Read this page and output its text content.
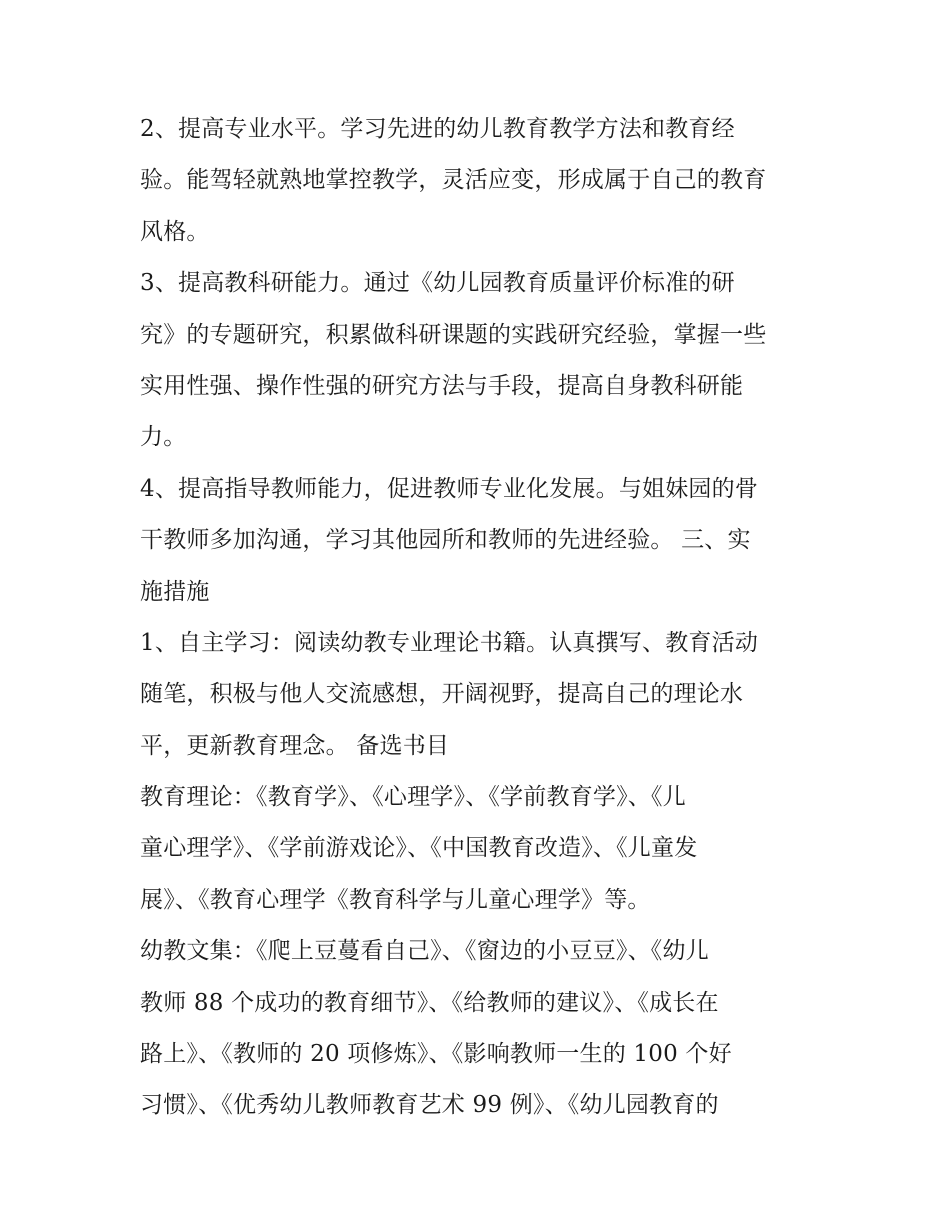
2、提高专业水平。学习先进的幼儿教育教学方法和教育经
验。能驾轻就熟地掌控教学，灵活应变，形成属于自己的教育
风格。
3、提高教科研能力。通过《幼儿园教育质量评价标准的研
究》的专题研究，积累做科研课题的实践研究经验，掌握一些
实用性强、操作性强的研究方法与手段，提高自身教科研能
力。
4、提高指导教师能力，促进教师专业化发展。与姐妹园的骨
干教师多加沟通，学习其他园所和教师的先进经验。 三、实
施措施
1、自主学习：阅读幼教专业理论书籍。认真撰写、教育活动
随笔，积极与他人交流感想，开阔视野，提高自己的理论水
平，更新教育理念。 备选书目
教育理论：《教育学》、《心理学》、《学前教育学》、《儿
童心理学》、《学前游戏论》、《中国教育改造》、《儿童发
展》、《教育心理学《教育科学与儿童心理学》等。
幼教文集：《爬上豆蔓看自己》、《窗边的小豆豆》、《幼儿
教师 88 个成功的教育细节》、《给教师的建议》、《成长在
路上》、《教师的 20 项修炼》、《影响教师一生的 100 个好
习惯》、《优秀幼儿教师教育艺术 99 例》、《幼儿园教育的
